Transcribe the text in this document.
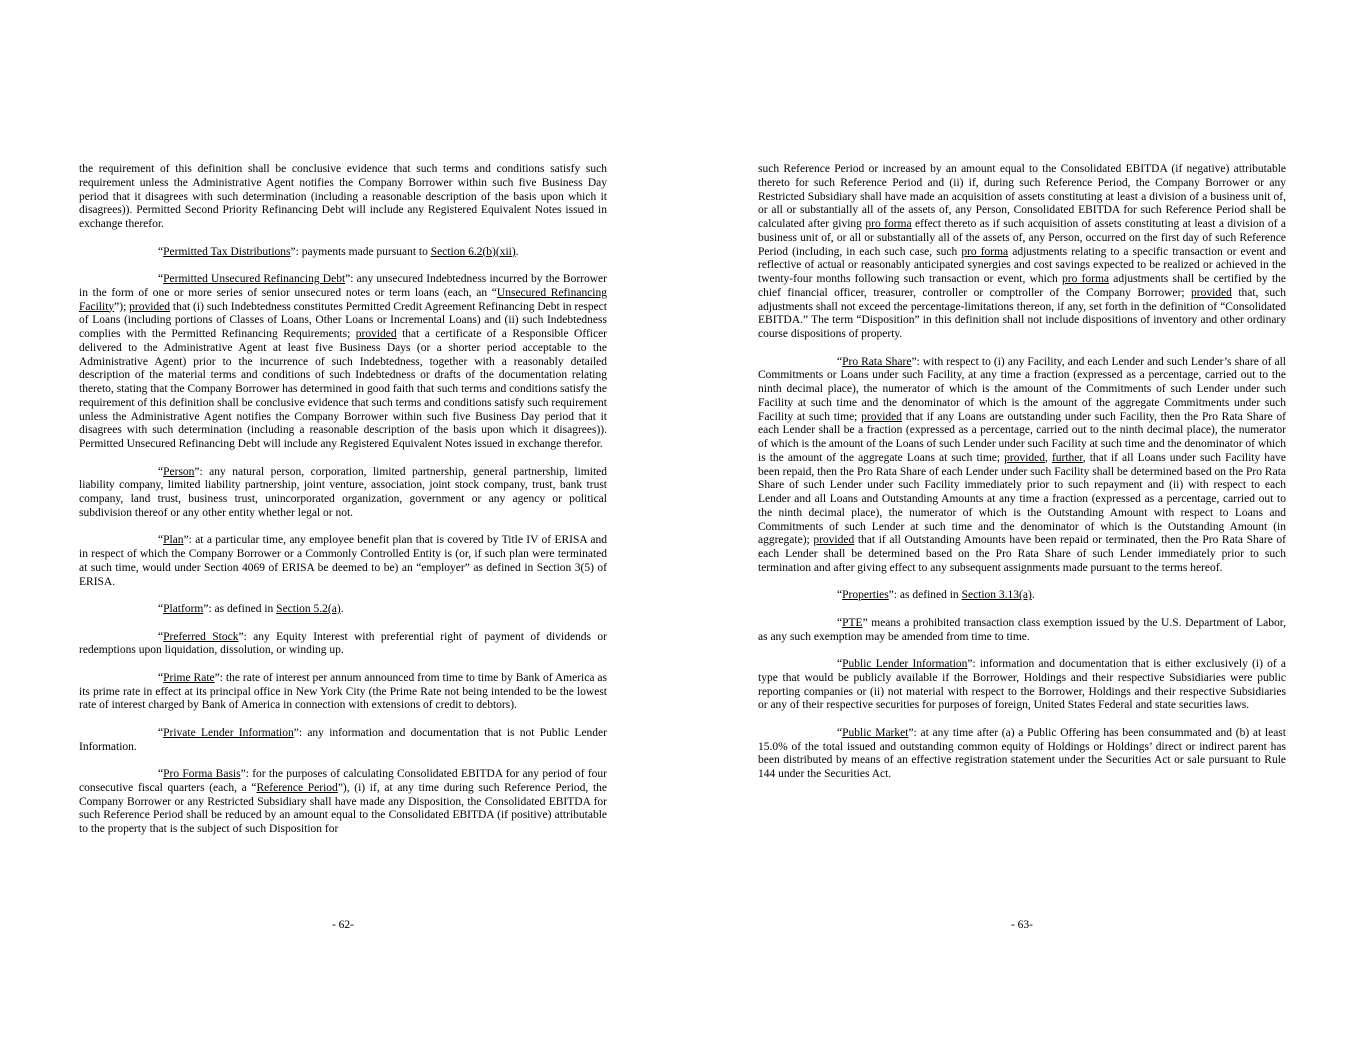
the requirement of this definition shall be conclusive evidence that such terms and conditions satisfy such requirement unless the Administrative Agent notifies the Company Borrower within such five Business Day period that it disagrees with such determination (including a reasonable description of the basis upon which it disagrees)). Permitted Second Priority Refinancing Debt will include any Registered Equivalent Notes issued in exchange therefor.

“Permitted Tax Distributions”: payments made pursuant to Section 6.2(b)(xii).

“Permitted Unsecured Refinancing Debt”: any unsecured Indebtedness incurred by the Borrower in the form of one or more series of senior unsecured notes or term loans (each, an “Unsecured Refinancing Facility”); provided that (i) such Indebtedness constitutes Permitted Credit Agreement Refinancing Debt in respect of Loans (including portions of Classes of Loans, Other Loans or Incremental Loans) and (ii) such Indebtedness complies with the Permitted Refinancing Requirements; provided that a certificate of a Responsible Officer delivered to the Administrative Agent at least five Business Days (or a shorter period acceptable to the Administrative Agent) prior to the incurrence of such Indebtedness, together with a reasonably detailed description of the material terms and conditions of such Indebtedness or drafts of the documentation relating thereto, stating that the Company Borrower has determined in good faith that such terms and conditions satisfy the requirement of this definition shall be conclusive evidence that such terms and conditions satisfy such requirement unless the Administrative Agent notifies the Company Borrower within such five Business Day period that it disagrees with such determination (including a reasonable description of the basis upon which it disagrees)). Permitted Unsecured Refinancing Debt will include any Registered Equivalent Notes issued in exchange therefor.

“Person”: any natural person, corporation, limited partnership, general partnership, limited liability company, limited liability partnership, joint venture, association, joint stock company, trust, bank trust company, land trust, business trust, unincorporated organization, government or any agency or political subdivision thereof or any other entity whether legal or not.

“Plan”: at a particular time, any employee benefit plan that is covered by Title IV of ERISA and in respect of which the Company Borrower or a Commonly Controlled Entity is (or, if such plan were terminated at such time, would under Section 4069 of ERISA be deemed to be) an “employer” as defined in Section 3(5) of ERISA.

“Platform”: as defined in Section 5.2(a).

“Preferred Stock”: any Equity Interest with preferential right of payment of dividends or redemptions upon liquidation, dissolution, or winding up.

“Prime Rate”: the rate of interest per annum announced from time to time by Bank of America as its prime rate in effect at its principal office in New York City (the Prime Rate not being intended to be the lowest rate of interest charged by Bank of America in connection with extensions of credit to debtors).

“Private Lender Information”: any information and documentation that is not Public Lender Information.

“Pro Forma Basis”: for the purposes of calculating Consolidated EBITDA for any period of four consecutive fiscal quarters (each, a “Reference Period”), (i) if, at any time during such Reference Period, the Company Borrower or any Restricted Subsidiary shall have made any Disposition, the Consolidated EBITDA for such Reference Period shall be reduced by an amount equal to the Consolidated EBITDA (if positive) attributable to the property that is the subject of such Disposition for

- 62-

such Reference Period or increased by an amount equal to the Consolidated EBITDA (if negative) attributable thereto for such Reference Period and (ii) if, during such Reference Period, the Company Borrower or any Restricted Subsidiary shall have made an acquisition of assets constituting at least a division of a business unit of, or all or substantially all of the assets of, any Person, Consolidated EBITDA for such Reference Period shall be calculated after giving pro forma effect thereto as if such acquisition of assets constituting at least a division of a business unit of, or all or substantially all of the assets of, any Person, occurred on the first day of such Reference Period (including, in each such case, such pro forma adjustments relating to a specific transaction or event and reflective of actual or reasonably anticipated synergies and cost savings expected to be realized or achieved in the twenty-four months following such transaction or event, which pro forma adjustments shall be certified by the chief financial officer, treasurer, controller or comptroller of the Company Borrower; provided that, such adjustments shall not exceed the percentage-limitations thereon, if any, set forth in the definition of “Consolidated EBITDA.” The term “Disposition” in this definition shall not include dispositions of inventory and other ordinary course dispositions of property.

“Pro Rata Share”: with respect to (i) any Facility, and each Lender and such Lender’s share of all Commitments or Loans under such Facility, at any time a fraction (expressed as a percentage, carried out to the ninth decimal place), the numerator of which is the amount of the Commitments of such Lender under such Facility at such time and the denominator of which is the amount of the aggregate Commitments under such Facility at such time; provided that if any Loans are outstanding under such Facility, then the Pro Rata Share of each Lender shall be a fraction (expressed as a percentage, carried out to the ninth decimal place), the numerator of which is the amount of the Loans of such Lender under such Facility at such time and the denominator of which is the amount of the aggregate Loans at such time; provided, further, that if all Loans under such Facility have been repaid, then the Pro Rata Share of each Lender under such Facility shall be determined based on the Pro Rata Share of such Lender under such Facility immediately prior to such repayment and (ii) with respect to each Lender and all Loans and Outstanding Amounts at any time a fraction (expressed as a percentage, carried out to the ninth decimal place), the numerator of which is the Outstanding Amount with respect to Loans and Commitments of such Lender at such time and the denominator of which is the Outstanding Amount (in aggregate); provided that if all Outstanding Amounts have been repaid or terminated, then the Pro Rata Share of each Lender shall be determined based on the Pro Rata Share of such Lender immediately prior to such termination and after giving effect to any subsequent assignments made pursuant to the terms hereof.

“Properties”: as defined in Section 3.13(a).

“PTE” means a prohibited transaction class exemption issued by the U.S. Department of Labor, as any such exemption may be amended from time to time.

“Public Lender Information”: information and documentation that is either exclusively (i) of a type that would be publicly available if the Borrower, Holdings and their respective Subsidiaries were public reporting companies or (ii) not material with respect to the Borrower, Holdings and their respective Subsidiaries or any of their respective securities for purposes of foreign, United States Federal and state securities laws.

“Public Market”: at any time after (a) a Public Offering has been consummated and (b) at least 15.0% of the total issued and outstanding common equity of Holdings or Holdings’ direct or indirect parent has been distributed by means of an effective registration statement under the Securities Act or sale pursuant to Rule 144 under the Securities Act.

- 63-
